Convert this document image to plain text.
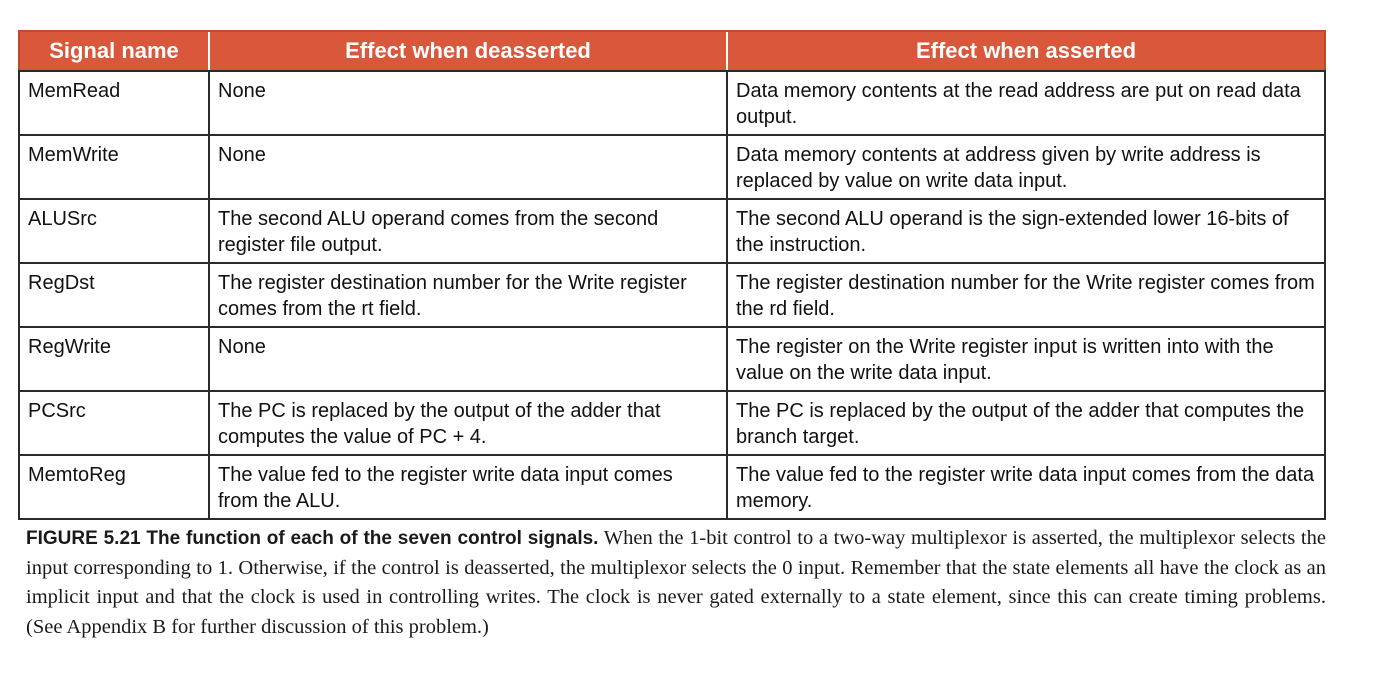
Signal name	Effect when deasserted	Effect when asserted
MemRead	None	Data memory contents at the read address are put on read data output.
MemWrite	None	Data memory contents at address given by write address is replaced by value on write data input.
ALUSrc	The second ALU operand comes from the second register file output.	The second ALU operand is the sign-extended lower 16-bits of the instruction.
RegDst	The register destination number for the Write register comes from the rt field.	The register destination number for the Write register comes from the rd field.
RegWrite	None	The register on the Write register input is written into with the value on the write data input.
PCSrc	The PC is replaced by the output of the adder that computes the value of PC + 4.	The PC is replaced by the output of the adder that computes the branch target.
MemtoReg	The value fed to the register write data input comes from the ALU.	The value fed to the register write data input comes from the data memory.
FIGURE 5.21 The function of each of the seven control signals. When the 1-bit control to a two-way multiplexor is asserted, the multiplexor selects the input corresponding to 1. Otherwise, if the control is deasserted, the multiplexor selects the 0 input. Remember that the state elements all have the clock as an implicit input and that the clock is used in controlling writes. The clock is never gated externally to a state element, since this can create timing problems. (See Appendix B for further discussion of this problem.)
